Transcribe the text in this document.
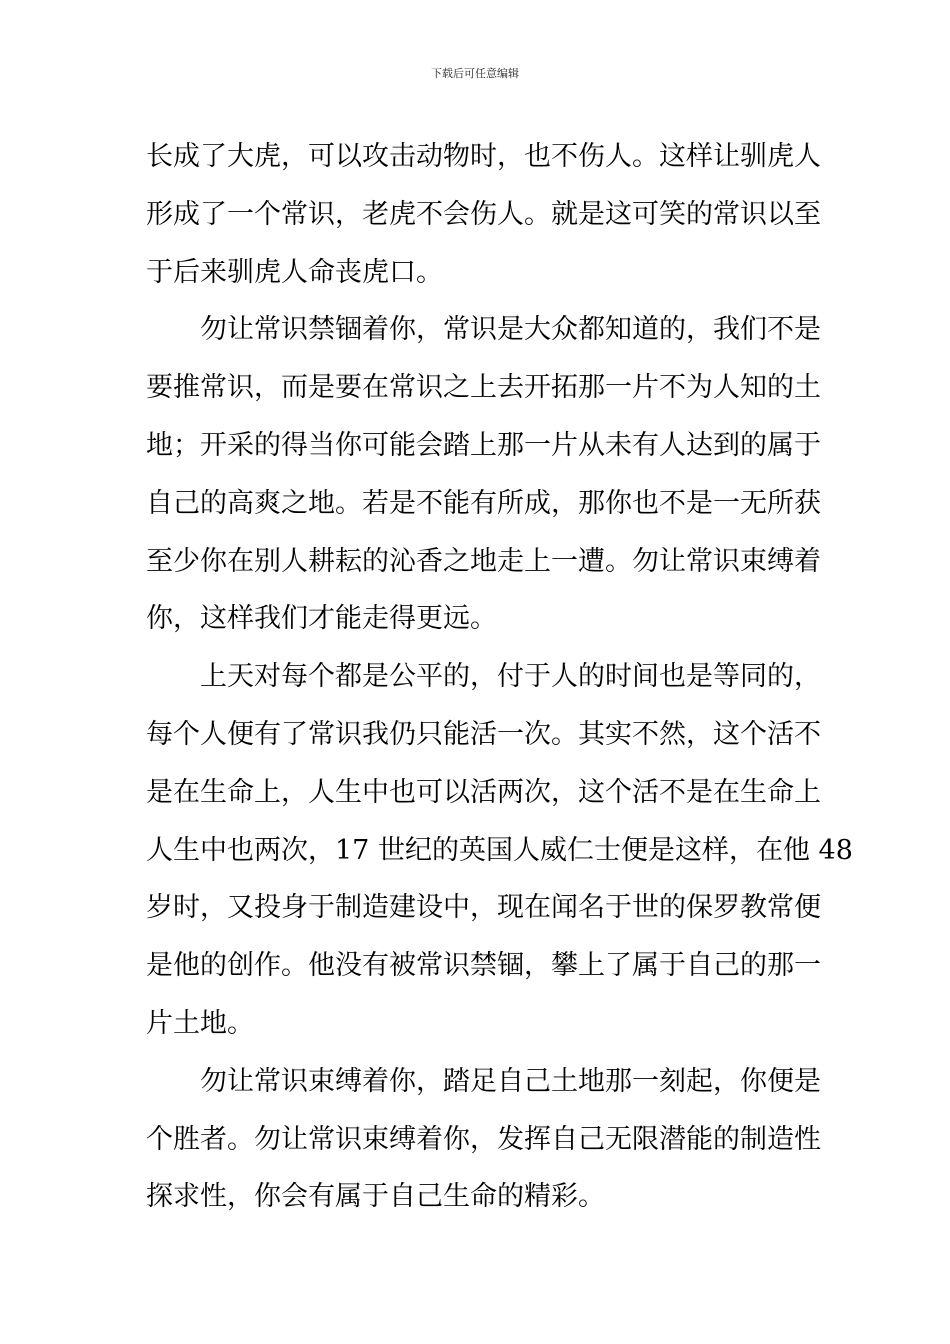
下载后可任意编辑
长成了大虎，可以攻击动物时，也不伤人。这样让驯虎人
形成了一个常识，老虎不会伤人。就是这可笑的常识以至
于后来驯虎人命丧虎口。
勿让常识禁锢着你，常识是大众都知道的，我们不是
要推常识，而是要在常识之上去开拓那一片不为人知的土
地；开采的得当你可能会踏上那一片从未有人达到的属于
自己的高爽之地。若是不能有所成，那你也不是一无所获
至少你在别人耕耘的沁香之地走上一遭。勿让常识束缚着
你，这样我们才能走得更远。
上天对每个都是公平的，付于人的时间也是等同的，
每个人便有了常识我仍只能活一次。其实不然，这个活不
是在生命上，人生中也可以活两次，这个活不是在生命上
人生中也两次，17 世纪的英国人威仁士便是这样，在他 48
岁时，又投身于制造建设中，现在闻名于世的保罗教常便
是他的创作。他没有被常识禁锢，攀上了属于自己的那一
片土地。
勿让常识束缚着你，踏足自己土地那一刻起，你便是
个胜者。勿让常识束缚着你，发挥自己无限潜能的制造性
探求性，你会有属于自己生命的精彩。
